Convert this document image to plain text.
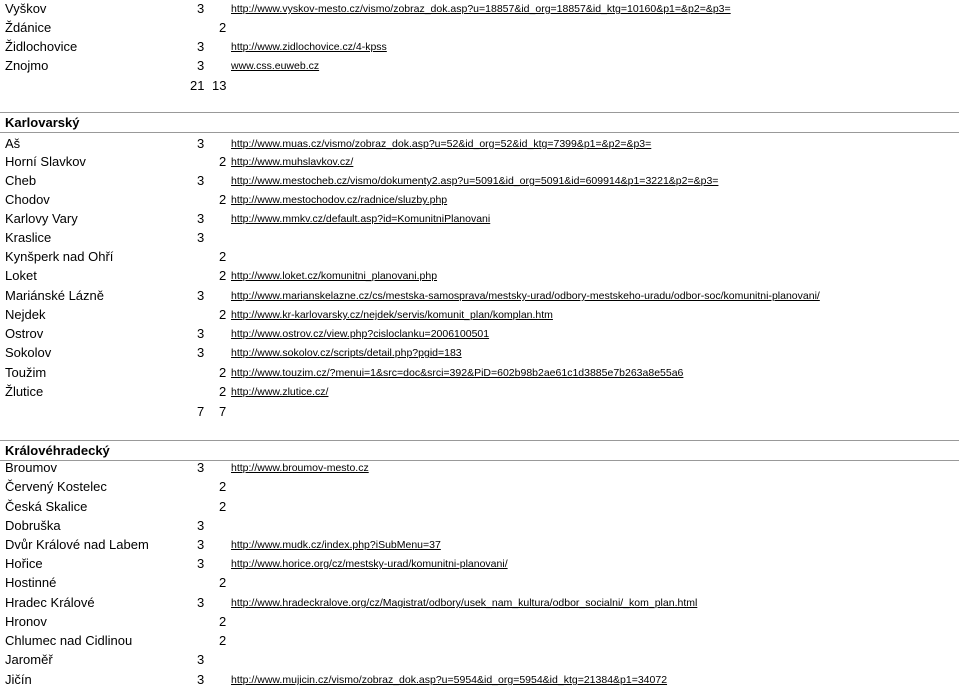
Vyškov	3	http://www.vyskov-mesto.cz/vismo/zobraz_dok.asp?u=18857&id_org=18857&id_ktg=10160&p1=&p2=&p3=
Ždánice	2
Židlochovice	3	http://www.zidlochovice.cz/4-kpss
Znojmo	3	www.css.euweb.cz
21 13
Karlovarský
Aš	3	http://www.muas.cz/vismo/zobraz_dok.asp?u=52&id_org=52&id_ktg=7399&p1=&p2=&p3=
Horní Slavkov	2 http://www.muhslavkov.cz/
Cheb	3	http://www.mestocheb.cz/vismo/dokumenty2.asp?u=5091&id_org=5091&id=609914&p1=3221&p2=&p3=
Chodov	2 http://www.mestochodov.cz/radnice/sluzby.php
Karlovy Vary	3	http://www.mmkv.cz/default.asp?id=KomunitniPlanovani
Kraslice	3
Kynšperk nad Ohří	2
Loket	2 http://www.loket.cz/komunitni_planovani.php
Mariánské Lázně	3	http://www.marianskelazne.cz/cs/mestska-samosprava/mestsky-urad/odbory-mestskeho-uradu/odbor-soc/komunitni-planovani/
Nejdek	2 http://www.kr-karlovarsky.cz/nejdek/servis/komunit_plan/komplan.htm
Ostrov	3	http://www.ostrov.cz/view.php?cisloclanku=2006100501
Sokolov	3	http://www.sokolov.cz/scripts/detail.php?pgid=183
Toužim	2 http://www.touzim.cz/?menui=1&src=doc&srci=392&PiD=602b98b2ae61c1d3885e7b263a8e55a6
Žlutice	2 http://www.zlutice.cz/
7 7
Královéhradecký
Broumov	3	http://www.broumov-mesto.cz
Červený Kostelec	2
Česká Skalice	2
Dobruška	3
Dvůr Králové nad Labem	3	http://www.mudk.cz/index.php?iSubMenu=37
Hořice	3	http://www.horice.org/cz/mestsky-urad/komunitni-planovani/
Hostinné	2
Hradec Králové	3	http://www.hradeckralove.org/cz/Magistrat/odbory/usek_nam_kultura/odbor_socialni/_kom_plan.html
Hronov	2
Chlumec nad Cidlinou	2
Jaroměř	3
Jičín	3	http://www.mujicin.cz/vismo/zobraz_dok.asp?u=5954&id_org=5954&id_ktg=21384&p1=34072
